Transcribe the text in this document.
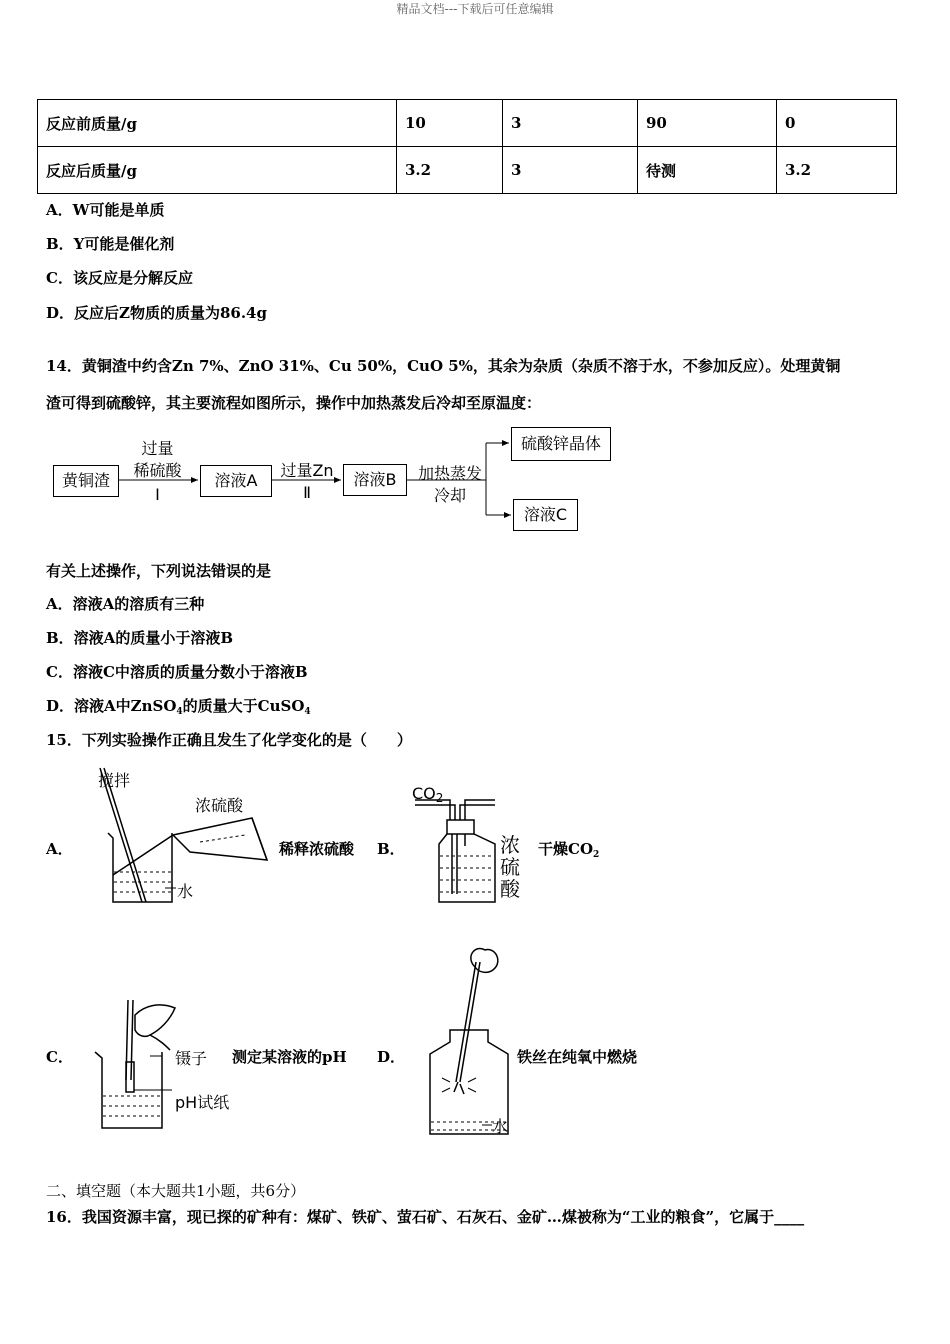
精品文档---下载后可任意编辑
反应前质量/g	10	3	90	0
反应后质量/g	3.2	3	待测	3.2
A．W可能是单质
B．Y可能是催化剂
C．该反应是分解反应
D．反应后Z物质的质量为86.4g
14．黄铜渣中约含Zn 7%、ZnO 31%、Cu 50%，CuO 5%，其余为杂质（杂质不溶于水，不参加反应）。处理黄铜
渣可得到硫酸锌，其主要流程如图所示，操作中加热蒸发后冷却至原温度：
黄铜渣
过量
稀硫酸
Ⅰ
溶液A
过量Zn
Ⅱ
溶液B	加热蒸发
冷却
硫酸锌晶体
溶液C
有关上述操作，下列说法错误的是
A．溶液A的溶质有三种
B．溶液A的质量小于溶液B
C．溶液C中溶质的质量分数小于溶液B
D．溶液A中ZnSO$_4$的质量大于CuSO$_4$
15．下列实验操作正确且发生了化学变化的是（　　）
A．
搅拌
浓硫酸
水
稀释浓硫酸 B．
$CO_2$
浓
硫
酸
干燥$CO_2$
C．	镊子
pH试纸
测定某溶液的pH D．
水
铁丝在纯氧中燃烧
二、填空题（本大题共1小题，共6分）
16．我国资源丰富，现已探的矿种有：煤矿、铁矿、萤石矿、石灰石、金矿…煤被称为“工业的粮食”，它属于____
